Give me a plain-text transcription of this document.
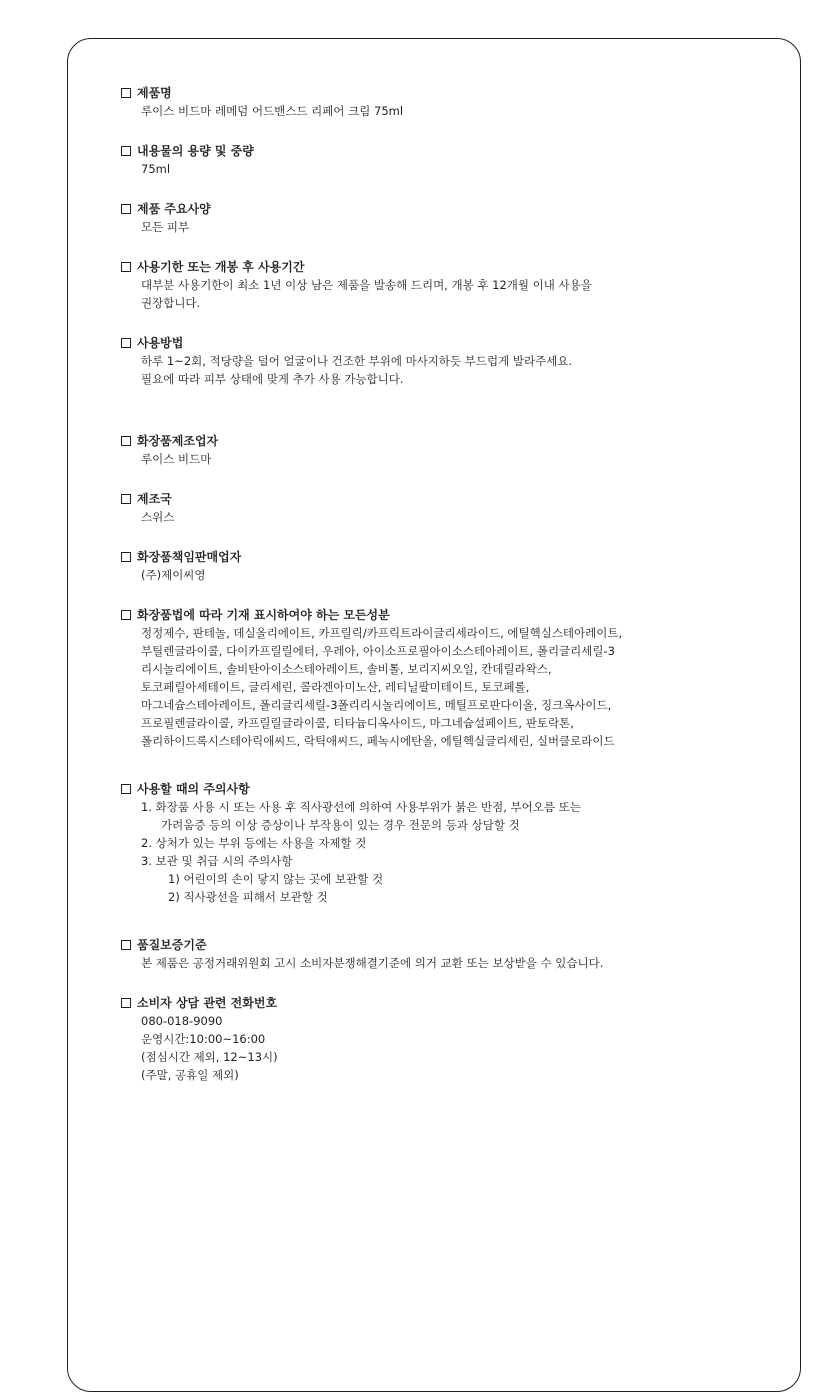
제품명
루이스 비드마 레메덤 어드밴스드 리페어 크림 75ml
내용물의 용량 및 중량
75ml
제품 주요사양
모든 피부
사용기한 또는 개봉 후 사용기간
대부분 사용기한이 최소 1년 이상 남은 제품을 발송해 드리며, 개봉 후 12개월 이내 사용을
권장합니다.
사용방법
하루 1~2회, 적당량을 덜어 얼굴이나 건조한 부위에 마사지하듯 부드럽게 발라주세요.
필요에 따라 피부 상태에 맞게 추가 사용 가능합니다.
화장품제조업자
루이스 비드마
제조국
스위스
화장품책임판매업자
(주)제이씨영
화장품법에 따라 기재 표시하여야 하는 모든성분
정정제수, 판테놀, 데실올리에이트, 카프릴릭/카프릭트라이글리세라이드, 에틸헥실스테아레이트,
부틸렌글라이콜, 다이카프릴릴에터, 우레아, 아이소프로필아이소스테아레이트, 폴리글리세릴-3
리시놀리에이트, 솔비탄아이소스테아레이트, 솔비톨, 보리지씨오일, 칸데릴라왁스,
토코페릴아세테이트, 글리세린, 콜라겐아미노산, 레티닐팔미테이트, 토코페롤,
마그네슘스테아레이트, 폴리글리세릴-3폴리리시놀리에이트, 메틸프로판다이올, 징크옥사이드,
프로필렌글라이콜, 카프릴릴글라이콜, 티타늄디옥사이드, 마그네슘설페이트, 판토락톤,
폴리하이드록시스테아릭애씨드, 락틱애씨드, 페녹시에탄올, 에틸헥실글리세린, 실버클로라이드
사용할 때의 주의사항
1. 화장품 사용 시 또는 사용 후 직사광선에 의하여 사용부위가 붉은 반점, 부어오름 또는
가려움증 등의 이상 증상이나 부작용이 있는 경우 전문의 등과 상담할 것
2. 상처가 있는 부위 등에는 사용을 자제할 것
3. 보관 및 취급 시의 주의사항
1) 어린이의 손이 닿지 않는 곳에 보관할 것
2) 직사광선을 피해서 보관할 것
품질보증기준
본 제품은 공정거래위원회 고시 소비자분쟁해결기준에 의거 교환 또는 보상받을 수 있습니다.
소비자 상담 관련 전화번호
080-018-9090
운영시간:10:00~16:00
(점심시간 제외, 12~13시)
(주말, 공휴일 제외)
